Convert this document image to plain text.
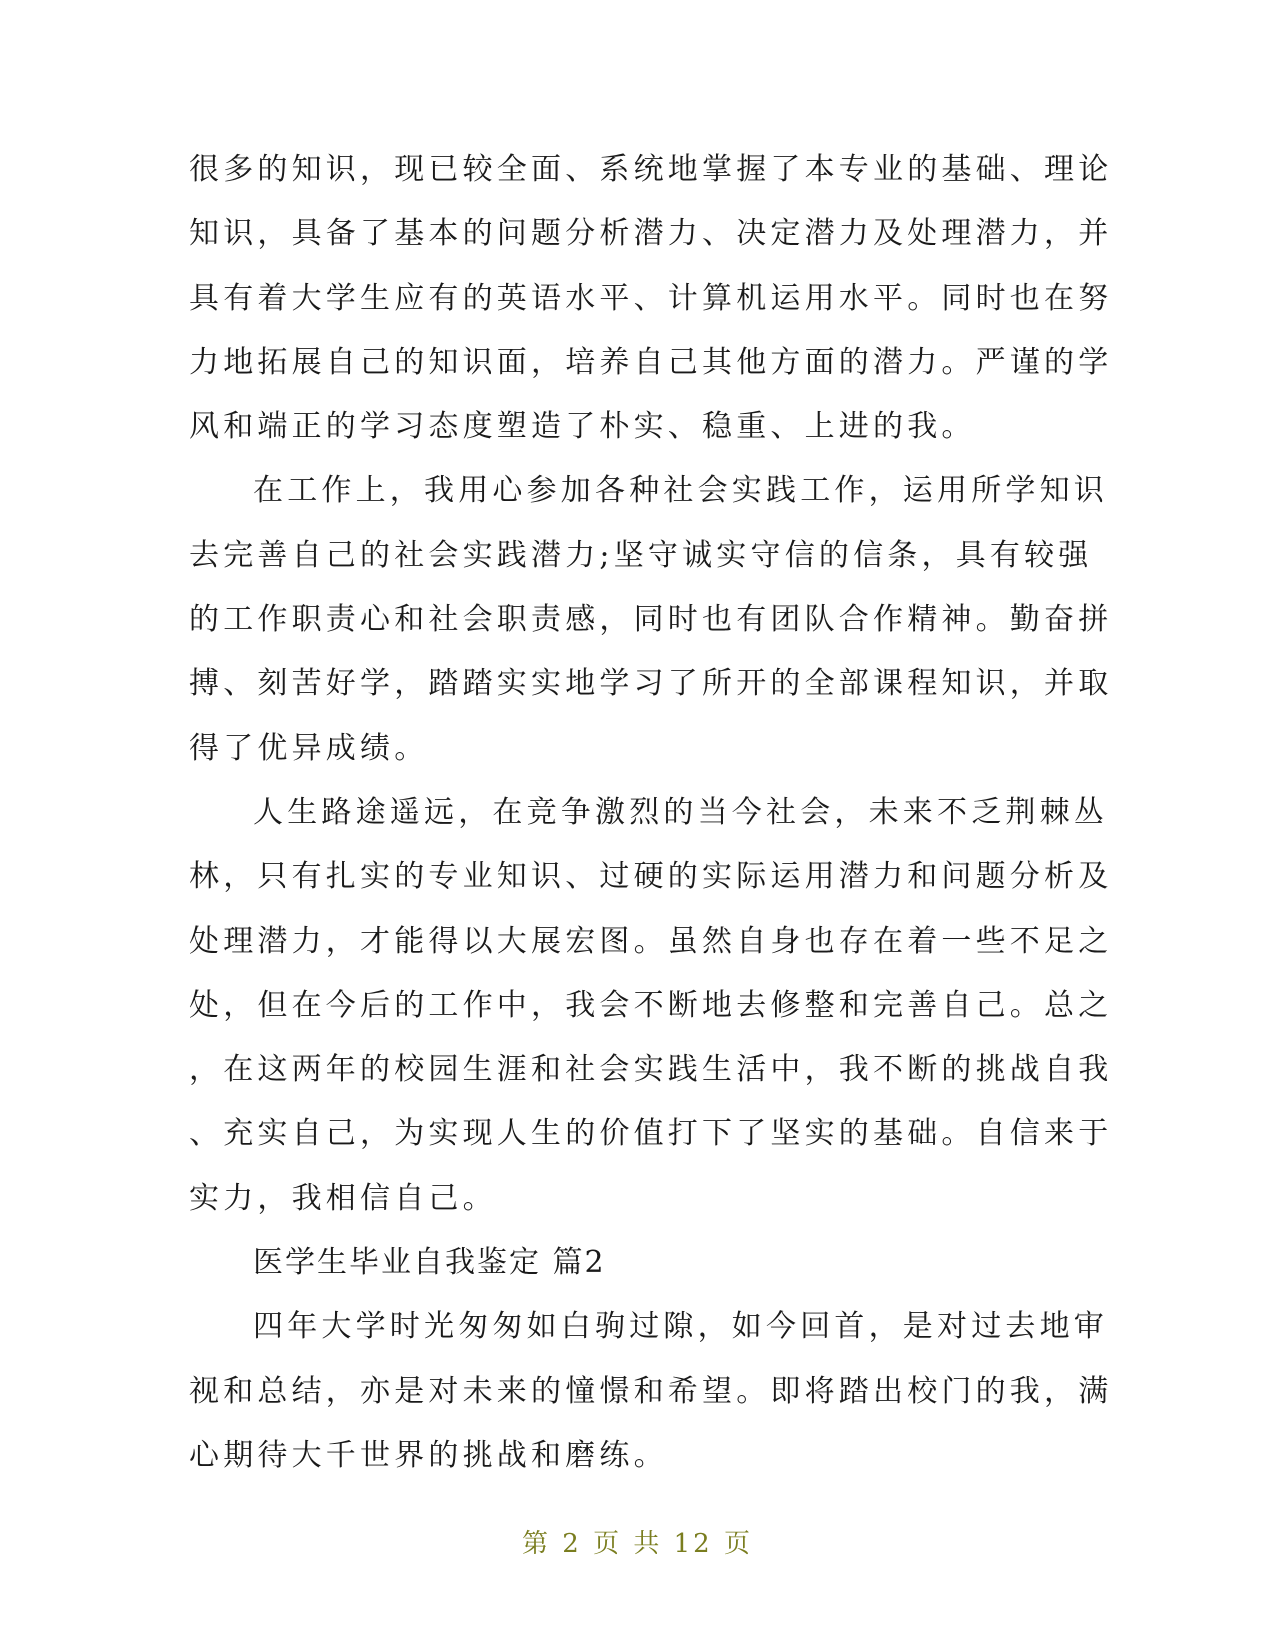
很多的知识，现已较全面、系统地掌握了本专业的基础、理论
知识，具备了基本的问题分析潜力、决定潜力及处理潜力，并
具有着大学生应有的英语水平、计算机运用水平。同时也在努
力地拓展自己的知识面，培养自己其他方面的潜力。严谨的学
风和端正的学习态度塑造了朴实、稳重、上进的我。
在工作上，我用心参加各种社会实践工作，运用所学知识
去完善自己的社会实践潜力;坚守诚实守信的信条，具有较强
的工作职责心和社会职责感，同时也有团队合作精神。勤奋拼
搏、刻苦好学，踏踏实实地学习了所开的全部课程知识，并取
得了优异成绩。
人生路途遥远，在竞争激烈的当今社会，未来不乏荆棘丛
林，只有扎实的专业知识、过硬的实际运用潜力和问题分析及
处理潜力，才能得以大展宏图。虽然自身也存在着一些不足之
处，但在今后的工作中，我会不断地去修整和完善自己。总之
，在这两年的校园生涯和社会实践生活中，我不断的挑战自我
、充实自己，为实现人生的价值打下了坚实的基础。自信来于
实力，我相信自己。
医学生毕业自我鉴定 篇2
四年大学时光匆匆如白驹过隙，如今回首，是对过去地审
视和总结，亦是对未来的憧憬和希望。即将踏出校门的我，满
心期待大千世界的挑战和磨练。
第 2 页 共 12 页
